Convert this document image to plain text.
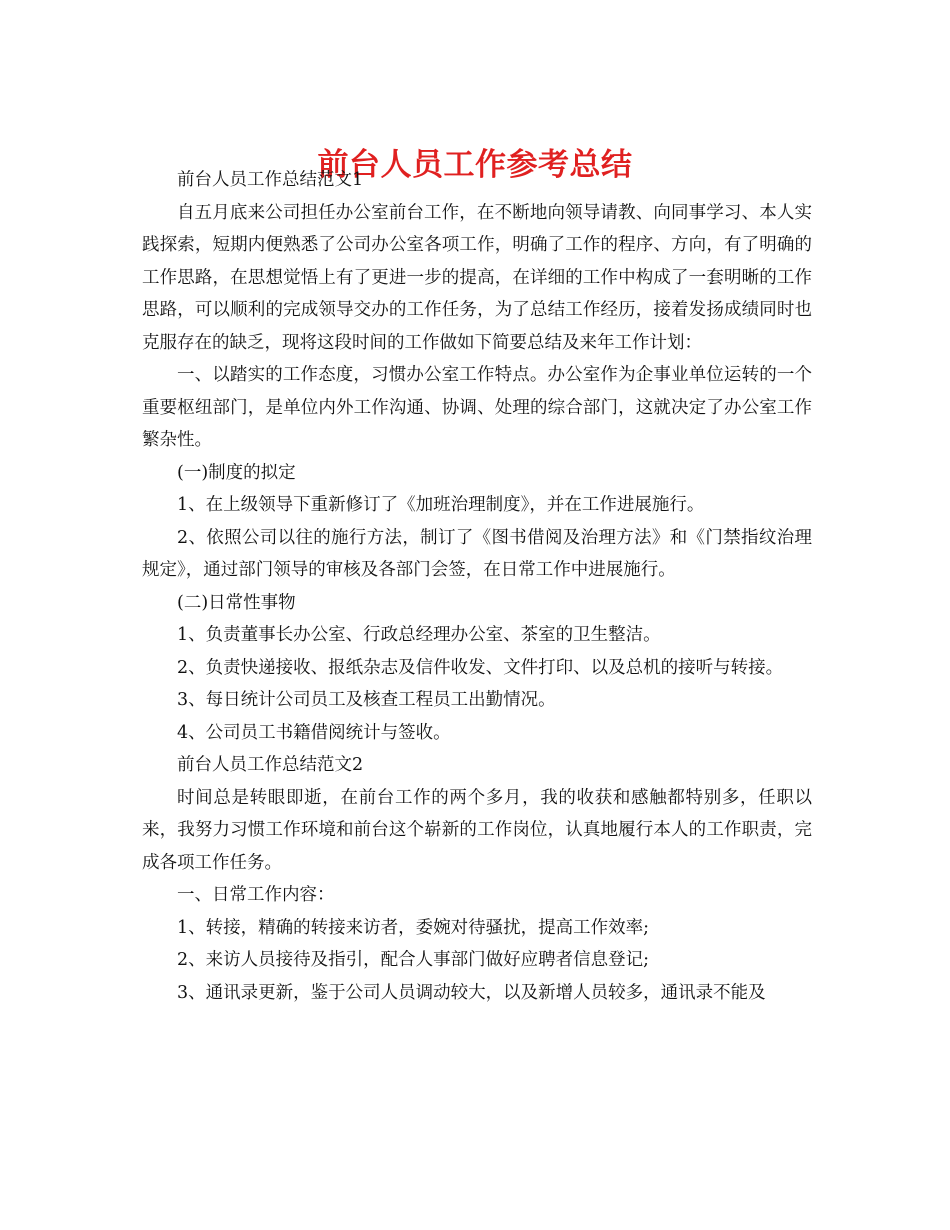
前台人员工作参考总结

前台人员工作总结范文1

自五月底来公司担任办公室前台工作，在不断地向领导请教、向同事学习、本人实践探索，短期内便熟悉了公司办公室各项工作，明确了工作的程序、方向，有了明确的工作思路，在思想觉悟上有了更进一步的提高，在详细的工作中构成了一套明晰的工作思路，可以顺利的完成领导交办的工作任务，为了总结工作经历，接着发扬成绩同时也克服存在的缺乏，现将这段时间的工作做如下简要总结及来年工作计划：

一、以踏实的工作态度，习惯办公室工作特点。办公室作为企事业单位运转的一个重要枢纽部门，是单位内外工作沟通、协调、处理的综合部门，这就决定了办公室工作繁杂性。

(一)制度的拟定

1、在上级领导下重新修订了《加班治理制度》，并在工作进展施行。

2、依照公司以往的施行方法，制订了《图书借阅及治理方法》和《门禁指纹治理规定》，通过部门领导的审核及各部门会签，在日常工作中进展施行。

(二)日常性事物

1、负责董事长办公室、行政总经理办公室、茶室的卫生整洁。

2、负责快递接收、报纸杂志及信件收发、文件打印、以及总机的接听与转接。

3、每日统计公司员工及核查工程员工出勤情况。

4、公司员工书籍借阅统计与签收。

前台人员工作总结范文2

时间总是转眼即逝，在前台工作的两个多月，我的收获和感触都特别多，任职以来，我努力习惯工作环境和前台这个崭新的工作岗位，认真地履行本人的工作职责，完成各项工作任务。

一、日常工作内容：

1、转接，精确的转接来访者，委婉对待骚扰，提高工作效率;

2、来访人员接待及指引，配合人事部门做好应聘者信息登记;

3、通讯录更新，鉴于公司人员调动较大，以及新增人员较多，通讯录不能及
